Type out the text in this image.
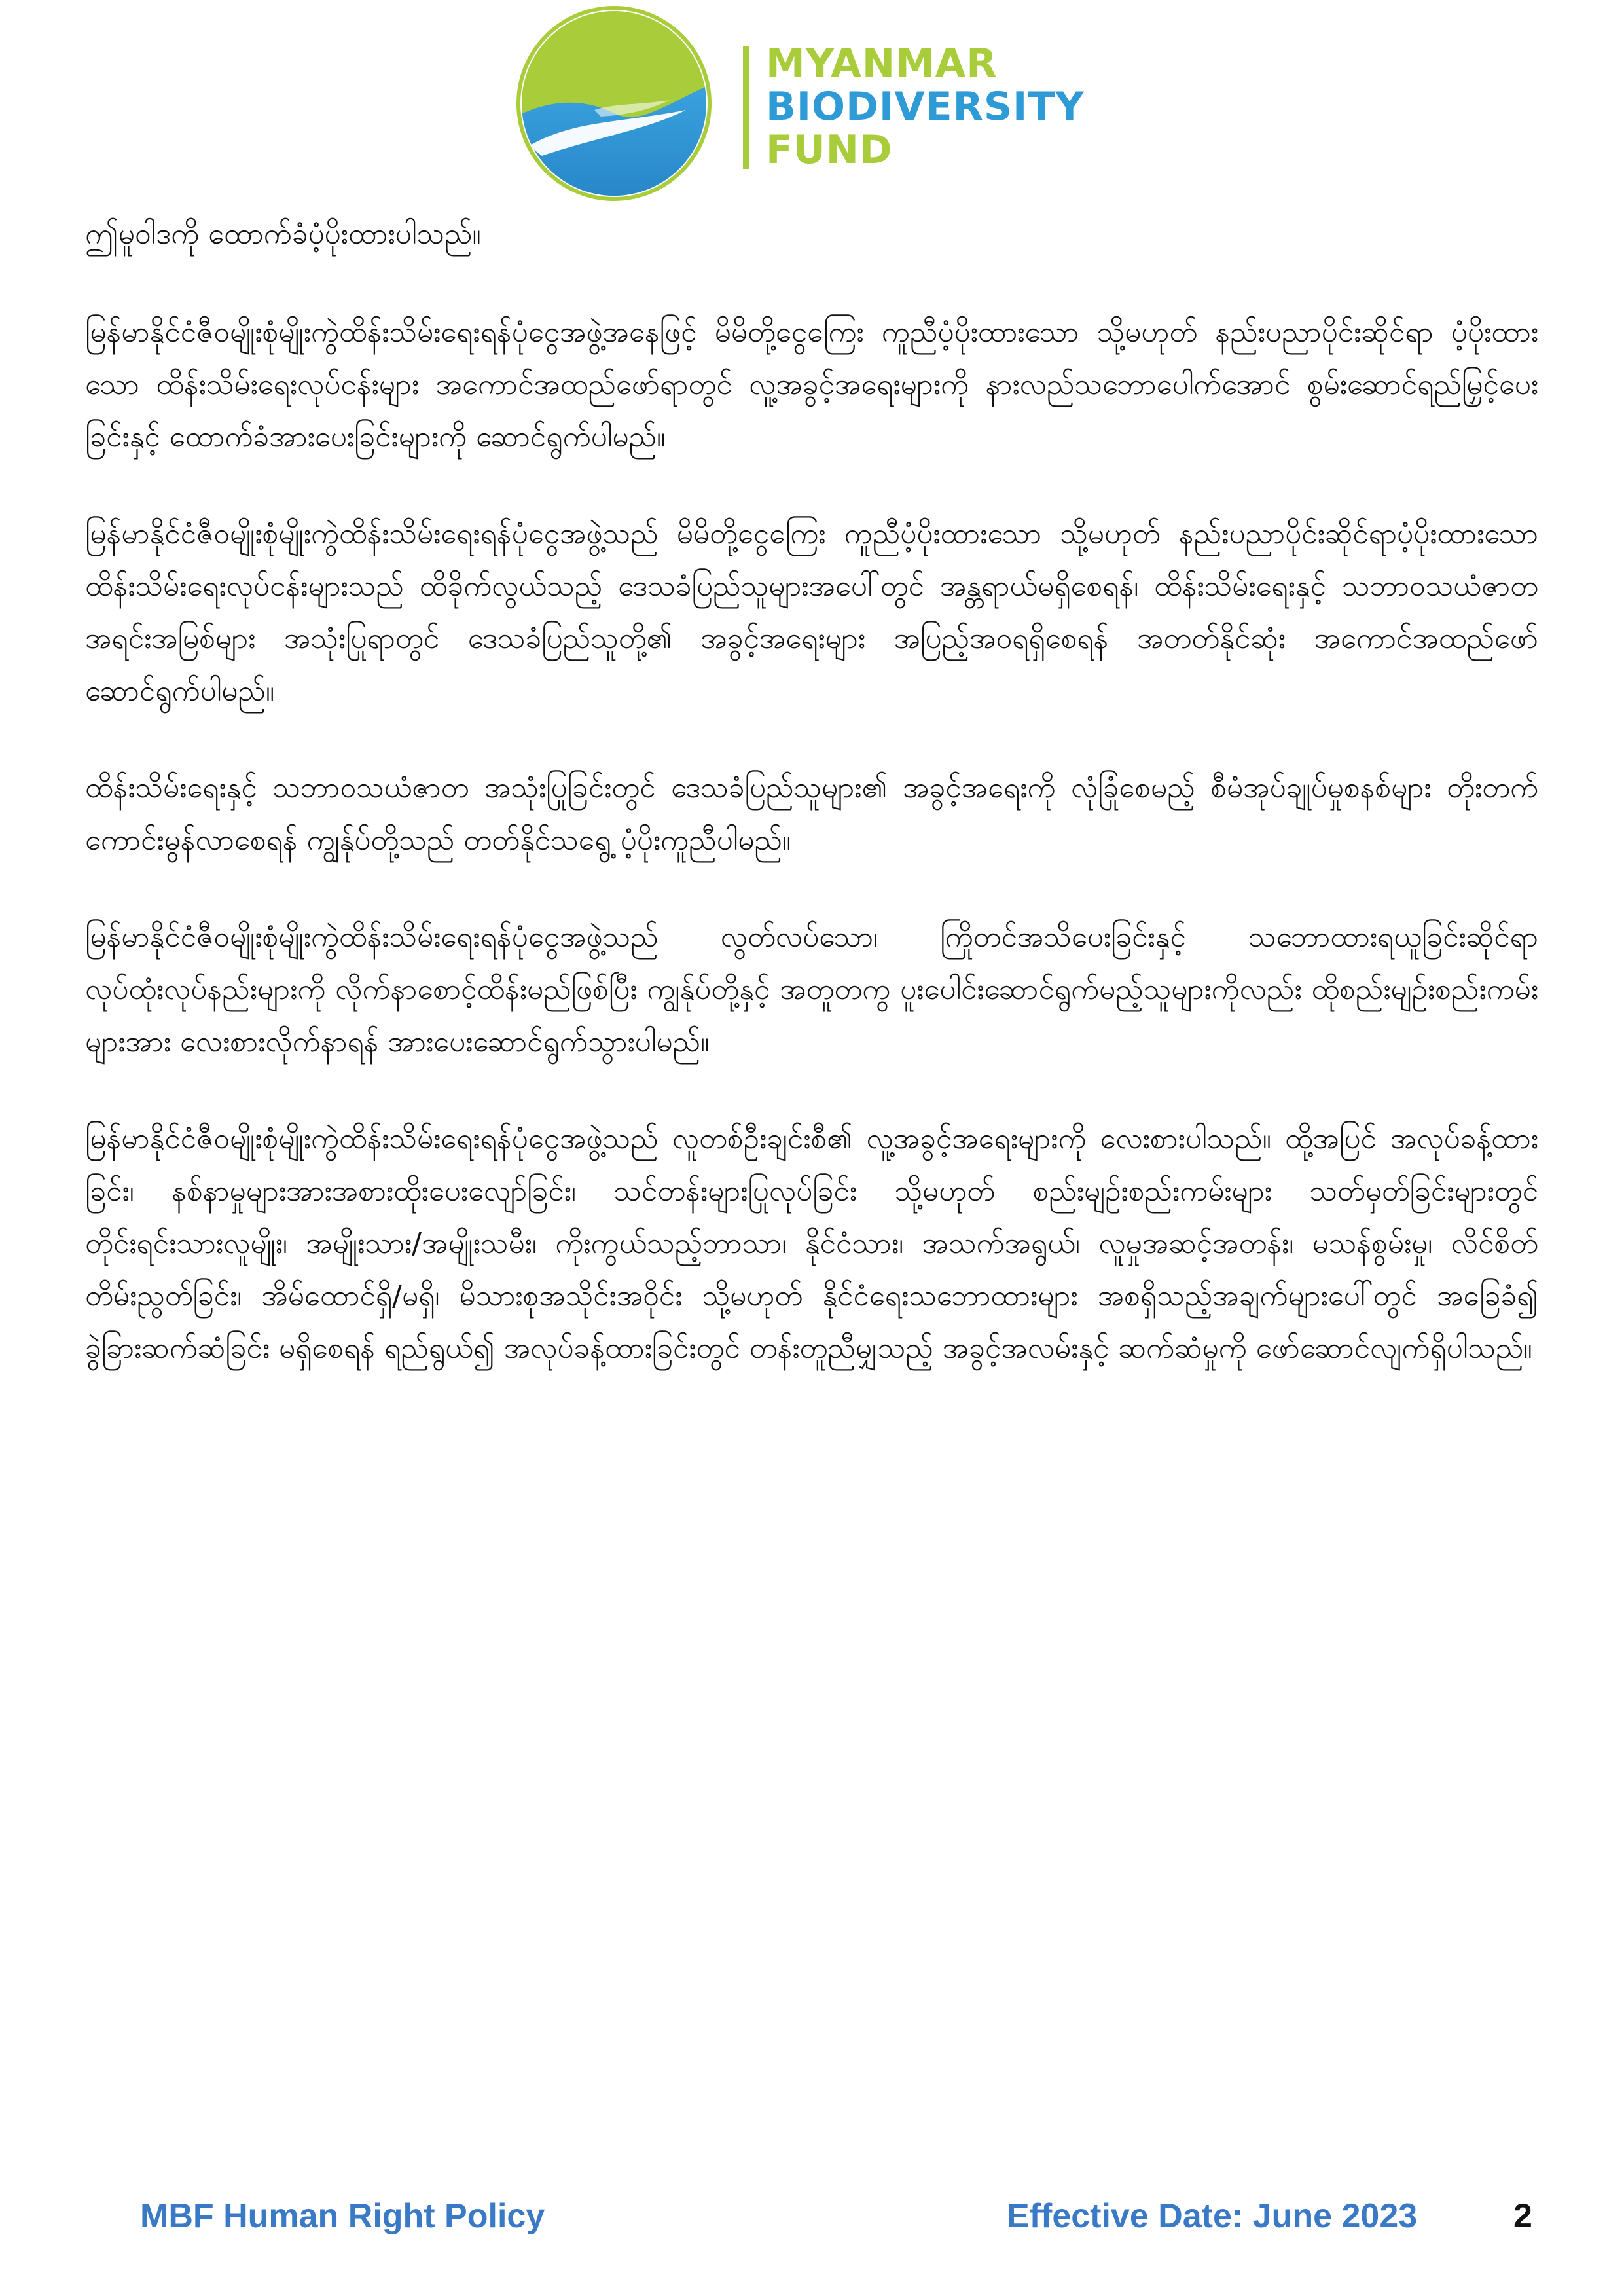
MYANMAR
BIODIVERSITY
FUND

ဤမူဝါဒကို ထောက်ခံပံ့ပိုးထားပါသည်။

မြန်မာနိုင်ငံဇီဝမျိုးစုံမျိုးကွဲထိန်းသိမ်းရေးရန်ပုံငွေအဖွဲ့အနေဖြင့် မိမိတို့ငွေကြေး ကူညီပံ့ပိုးထားသော သို့မဟုတ် နည်းပညာပိုင်းဆိုင်ရာ ပံ့ပိုးထားသော ထိန်းသိမ်းရေးလုပ်ငန်းများ အကောင်အထည်ဖော်ရာတွင် လူ့အခွင့်အရေးများကို နားလည်သဘောပေါက်အောင် စွမ်းဆောင်ရည်မြှင့်ပေးခြင်းနှင့် ထောက်ခံအားပေးခြင်းများကို ဆောင်ရွက်ပါမည်။

မြန်မာနိုင်ငံဇီဝမျိုးစုံမျိုးကွဲထိန်းသိမ်းရေးရန်ပုံငွေအဖွဲ့သည် မိမိတို့ငွေကြေး ကူညီပံ့ပိုးထားသော သို့မဟုတ် နည်းပညာပိုင်းဆိုင်ရာပံ့ပိုးထားသော ထိန်းသိမ်းရေးလုပ်ငန်းများသည် ထိခိုက်လွယ်သည့် ဒေသခံပြည်သူများအပေါ်တွင် အန္တရာယ်မရှိစေရန်၊ ထိန်းသိမ်းရေးနှင့် သဘာဝသယံဇာတအရင်းအမြစ်များ အသုံးပြုရာတွင် ဒေသခံပြည်သူတို့၏ အခွင့်အရေးများ အပြည့်အဝရရှိစေရန် အတတ်နိုင်ဆုံး အကောင်အထည်ဖော် ဆောင်ရွက်ပါမည်။

ထိန်းသိမ်းရေးနှင့် သဘာဝသယံဇာတ အသုံးပြုခြင်းတွင် ဒေသခံပြည်သူများ၏ အခွင့်အရေးကို လုံခြုံစေမည့် စီမံအုပ်ချုပ်မှုစနစ်များ တိုးတက်ကောင်းမွန်လာစေရန် ကျွန်ုပ်တို့သည် တတ်နိုင်သရွေ့ ပံ့ပိုးကူညီပါမည်။

မြန်မာနိုင်ငံဇီဝမျိုးစုံမျိုးကွဲထိန်းသိမ်းရေးရန်ပုံငွေအဖွဲ့သည် လွတ်လပ်သော၊ ကြိုတင်အသိပေးခြင်းနှင့် သဘောထားရယူခြင်းဆိုင်ရာ လုပ်ထုံးလုပ်နည်းများကို လိုက်နာစောင့်ထိန်းမည်ဖြစ်ပြီး ကျွန်ုပ်တို့နှင့် အတူတကွ ပူးပေါင်းဆောင်ရွက်မည့်သူများကိုလည်း ထိုစည်းမျဉ်းစည်းကမ်းများအား လေးစားလိုက်နာရန် အားပေးဆောင်ရွက်သွားပါမည်။

မြန်မာနိုင်ငံဇီဝမျိုးစုံမျိုးကွဲထိန်းသိမ်းရေးရန်ပုံငွေအဖွဲ့သည် လူတစ်ဦးချင်းစီ၏ လူ့အခွင့်အရေးများကို လေးစားပါသည်။ ထို့အပြင် အလုပ်ခန့်ထားခြင်း၊ နစ်နာမှုများအားအစားထိုးပေးလျော်ခြင်း၊ သင်တန်းများပြုလုပ်ခြင်း သို့မဟုတ် စည်းမျဉ်းစည်းကမ်းများ သတ်မှတ်ခြင်းများတွင် တိုင်းရင်းသားလူမျိုး၊ အမျိုးသား/အမျိုးသမီး၊ ကိုးကွယ်သည့်ဘာသာ၊ နိုင်ငံသား၊ အသက်အရွယ်၊ လူမှုအဆင့်အတန်း၊ မသန်စွမ်းမှု၊ လိင်စိတ်တိမ်းညွတ်ခြင်း၊ အိမ်ထောင်ရှိ/မရှိ၊ မိသားစုအသိုင်းအဝိုင်း သို့မဟုတ် နိုင်ငံရေးသဘောထားများ အစရှိသည့်အချက်များပေါ်တွင် အခြေခံ၍ ခွဲခြားဆက်ဆံခြင်း မရှိစေရန် ရည်ရွယ်၍ အလုပ်ခန့်ထားခြင်းတွင် တန်းတူညီမျှသည့် အခွင့်အလမ်းနှင့် ဆက်ဆံမှုကို ဖော်ဆောင်လျက်ရှိပါသည်။

MBF Human Right Policy	Effective Date: June 2023	2
